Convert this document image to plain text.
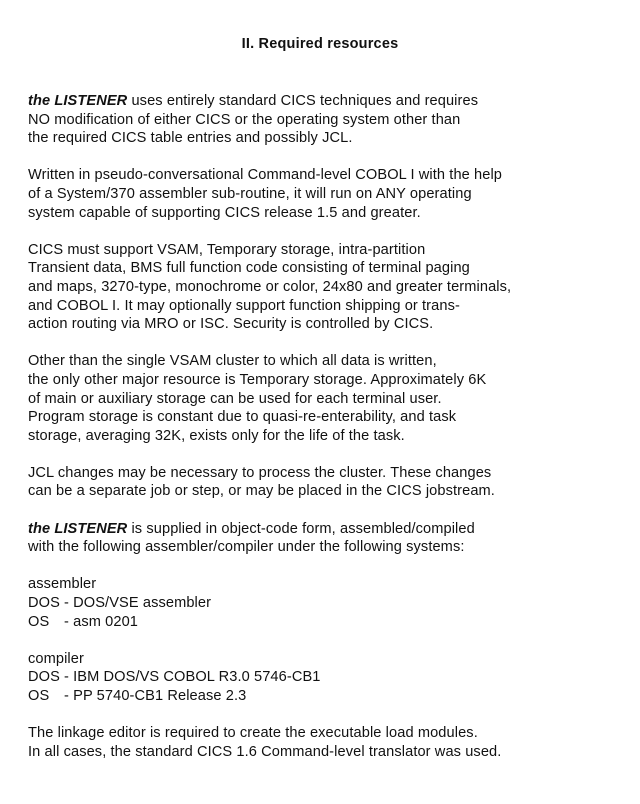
II. Required resources
the LISTENER uses entirely standard CICS techniques and requires
NO modification of either CICS or the operating system other than
the required CICS table entries and possibly JCL.
Written in pseudo-conversational Command-level COBOL I with the help
of a System/370 assembler sub-routine, it will run on ANY operating
system capable of supporting CICS release 1.5 and greater.
CICS must support VSAM, Temporary storage, intra-partition
Transient data, BMS full function code consisting of terminal paging
and maps, 3270-type, monochrome or color, 24x80 and greater terminals,
and COBOL I. It may optionally support function shipping or trans-
action routing via MRO or ISC. Security is controlled by CICS.
Other than the single VSAM cluster to which all data is written,
the only other major resource is Temporary storage. Approximately 6K
of main or auxiliary storage can be used for each terminal user.
Program storage is constant due to quasi-re-enterability, and task
storage, averaging 32K, exists only for the life of the task.
JCL changes may be necessary to process the cluster. These changes
can be a separate job or step, or may be placed in the CICS jobstream.
the LISTENER is supplied in object-code form, assembled/compiled
with the following assembler/compiler under the following systems:
assembler
DOS - DOS/VSE assembler
OS - asm 0201
compiler
DOS - IBM DOS/VS COBOL R3.0 5746-CB1
OS - PP 5740-CB1 Release 2.3
The linkage editor is required to create the executable load modules.
In all cases, the standard CICS 1.6 Command-level translator was used.
